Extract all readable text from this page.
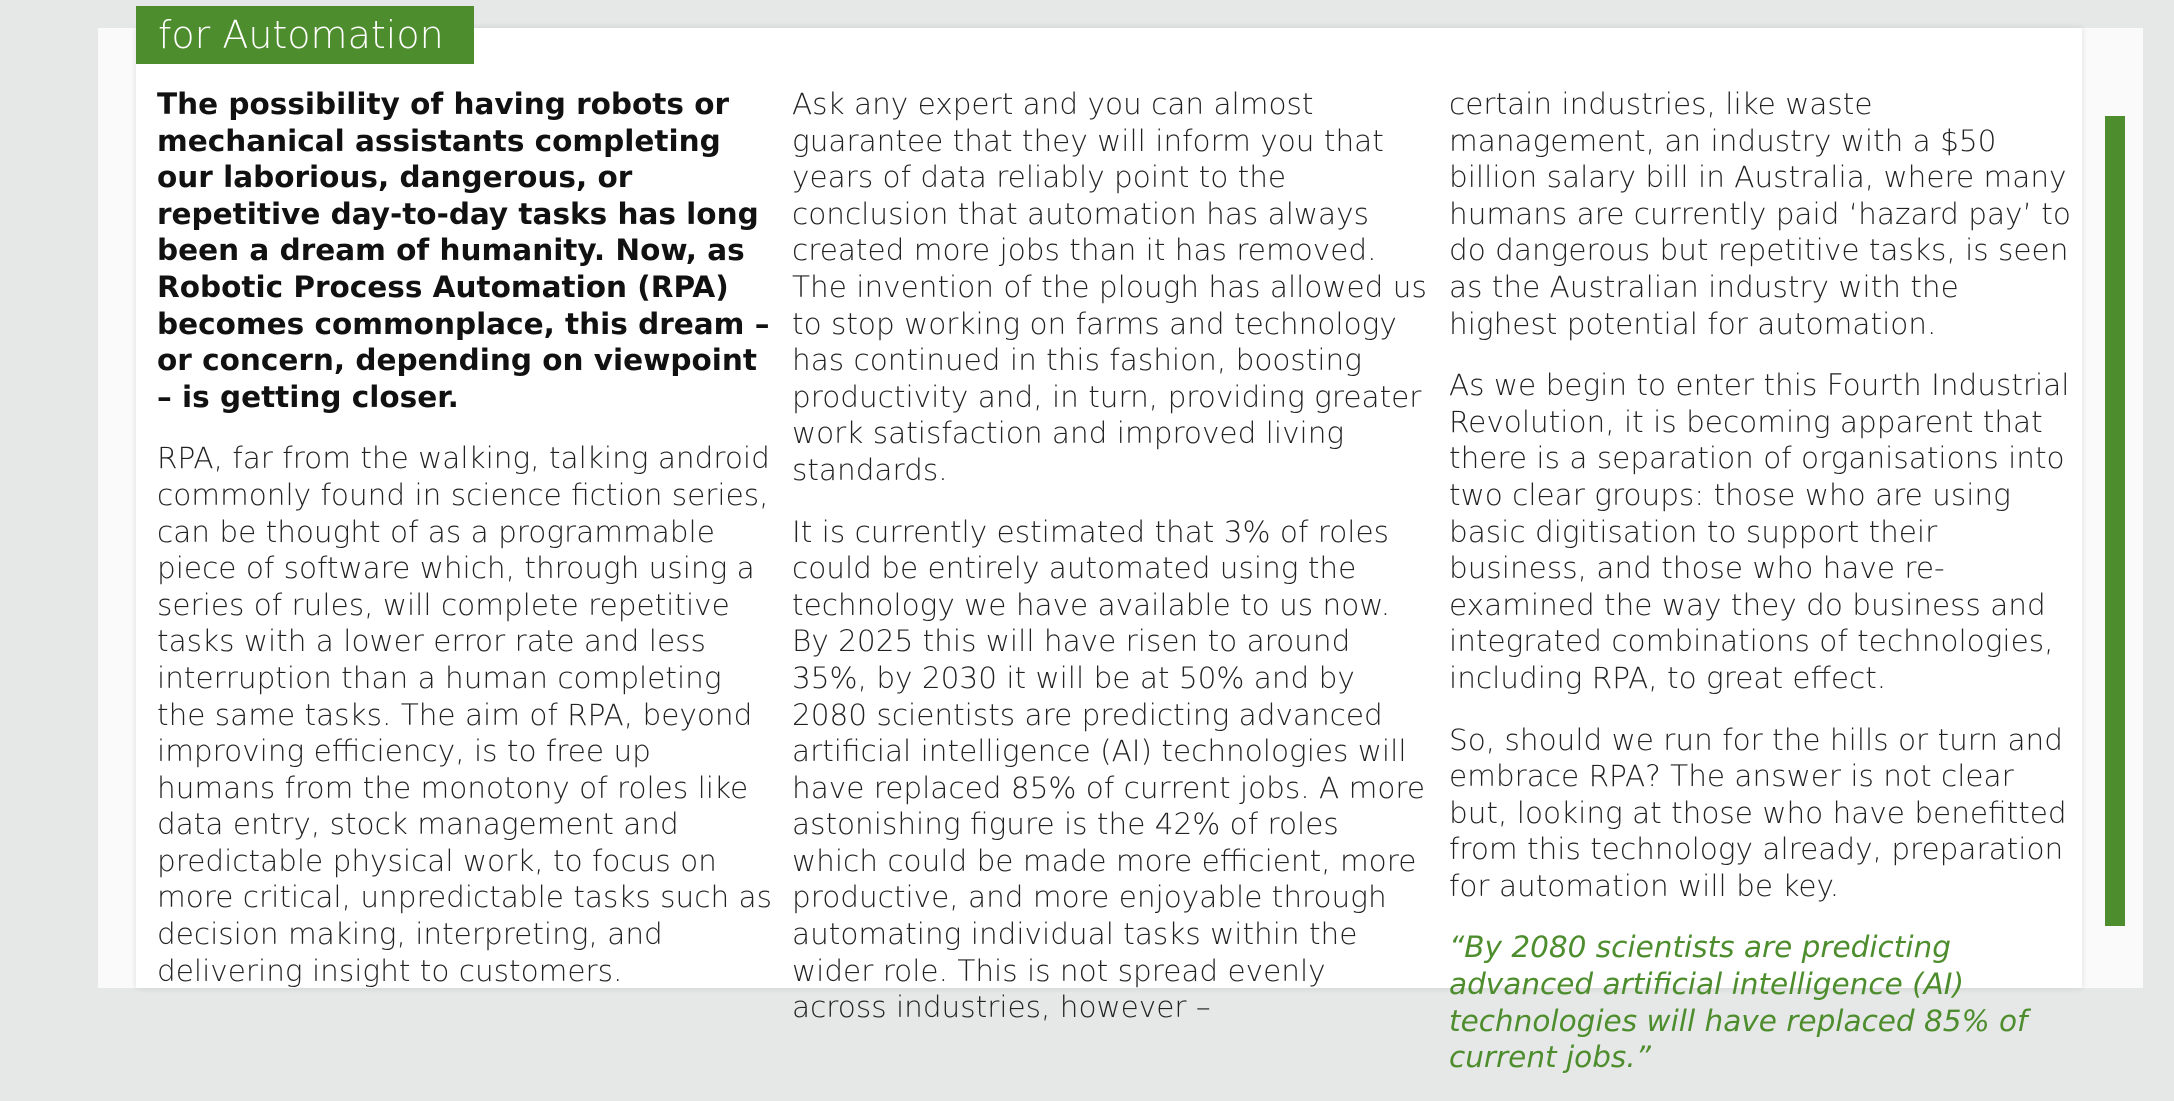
for Automation

The possibility of having robots or mechanical assistants completing our laborious, dangerous, or repetitive day-to-day tasks has long been a dream of humanity. Now, as Robotic Process Automation (RPA) becomes commonplace, this dream – or concern, depending on viewpoint – is getting closer.

RPA, far from the walking, talking android commonly found in science fiction series, can be thought of as a programmable piece of software which, through using a series of rules, will complete repetitive tasks with a lower error rate and less interruption than a human completing the same tasks. The aim of RPA, beyond improving efficiency, is to free up humans from the monotony of roles like data entry, stock management and predictable physical work, to focus on more critical, unpredictable tasks such as decision making, interpreting, and delivering insight to customers.

Ask any expert and you can almost guarantee that they will inform you that years of data reliably point to the conclusion that automation has always created more jobs than it has removed. The invention of the plough has allowed us to stop working on farms and technology has continued in this fashion, boosting productivity and, in turn, providing greater work satisfaction and improved living standards.

It is currently estimated that 3% of roles could be entirely automated using the technology we have available to us now. By 2025 this will have risen to around 35%, by 2030 it will be at 50% and by 2080 scientists are predicting advanced artificial intelligence (AI) technologies will have replaced 85% of current jobs. A more astonishing figure is the 42% of roles which could be made more efficient, more productive, and more enjoyable through automating individual tasks within the wider role. This is not spread evenly across industries, however –

certain industries, like waste management, an industry with a $50 billion salary bill in Australia, where many humans are currently paid ‘hazard pay’ to do dangerous but repetitive tasks, is seen as the Australian industry with the highest potential for automation.

As we begin to enter this Fourth Industrial Revolution, it is becoming apparent that there is a separation of organisations into two clear groups: those who are using basic digitisation to support their business, and those who have re-examined the way they do business and integrated combinations of technologies, including RPA, to great effect.

So, should we run for the hills or turn and embrace RPA? The answer is not clear but, looking at those who have benefitted from this technology already, preparation for automation will be key.

“By 2080 scientists are predicting advanced artificial intelligence (AI) technologies will have replaced 85% of current jobs.”
